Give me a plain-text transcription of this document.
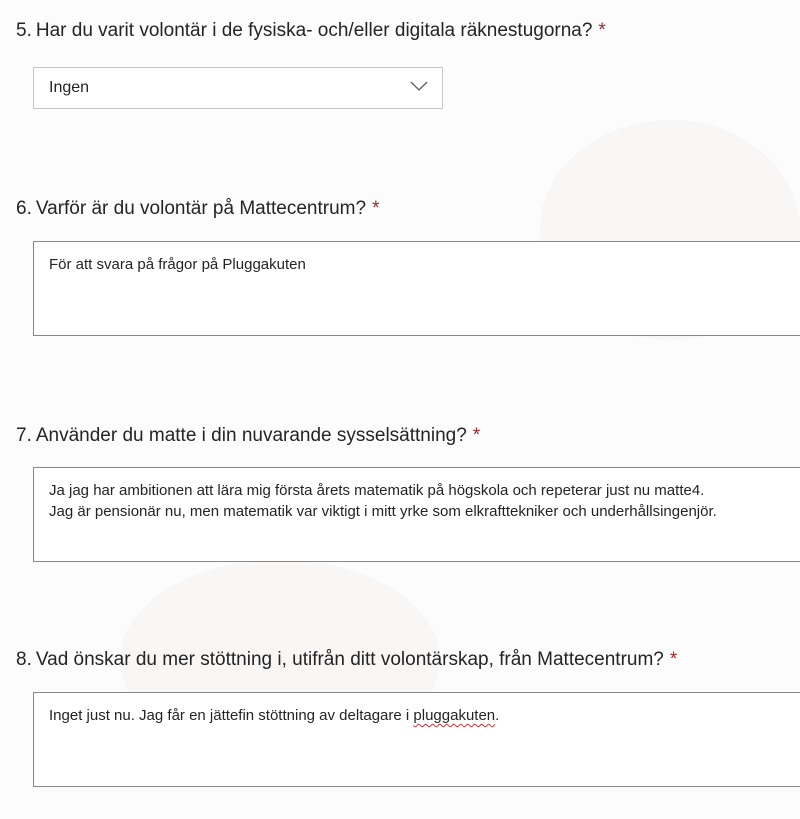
5. Har du varit volontär i de fysiska- och/eller digitala räknestugorna? *
Ingen
6. Varför är du volontär på Mattecentrum? *
För att svara på frågor på Pluggakuten
7. Använder du matte i din nuvarande sysselsättning? *
Ja jag har ambitionen att lära mig första årets matematik på högskola och repeterar just nu matte4.
Jag är pensionär nu, men matematik var viktigt i mitt yrke som elkrafttekniker och underhållsingenjör.
8. Vad önskar du mer stöttning i, utifrån ditt volontärskap, från Mattecentrum? *
Inget just nu. Jag får en jättefin stöttning av deltagare i pluggakuten.
